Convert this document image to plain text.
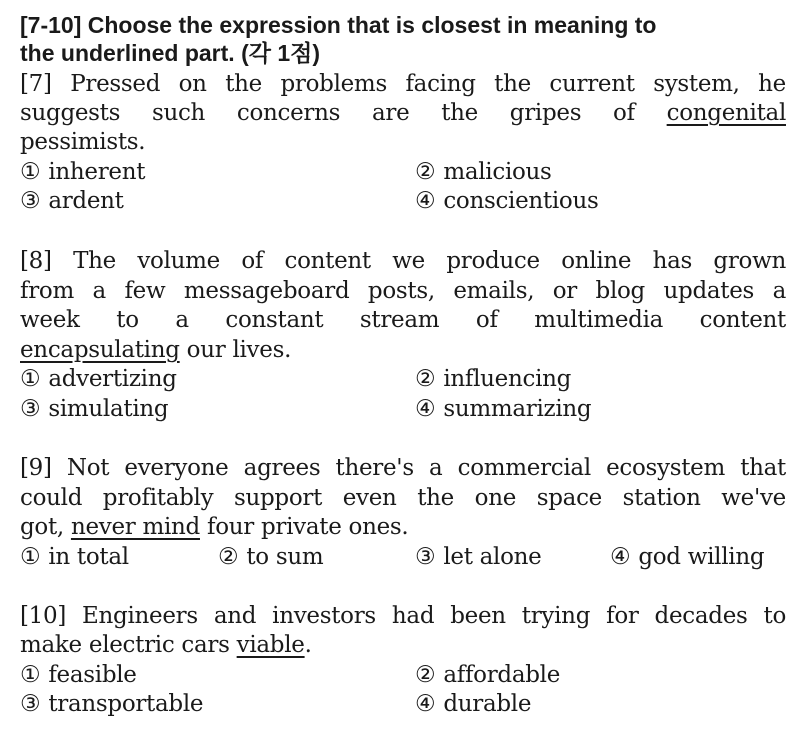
[7-10] Choose the expression that is closest in meaning to
the underlined part. (각 1점)
[7] Pressed on the problems facing the current system, he
suggests such concerns are the gripes of congenital
pessimists.
① inherent	② malicious
③ ardent	④ conscientious
[8] The volume of content we produce online has grown
from a few messageboard posts, emails, or blog updates a
week to a constant stream of multimedia content
encapsulating our lives.
① advertizing	② influencing
③ simulating	④ summarizing
[9] Not everyone agrees there's a commercial ecosystem that
could profitably support even the one space station we've
got, never mind four private ones.
① in total	② to sum	③ let alone	④ god willing
[10] Engineers and investors had been trying for decades to
make electric cars viable.
① feasible	② affordable
③ transportable	④ durable
